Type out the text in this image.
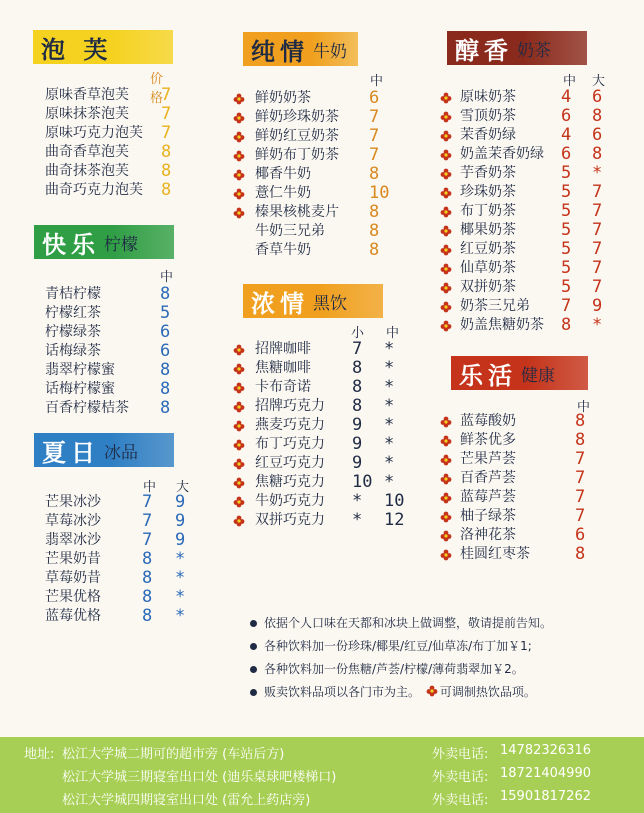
泡 芙
价格
原味香草泡芙 7
原味抹茶泡芙 7
原味巧克力泡芙 7
曲奇香草泡芙 8
曲奇抹茶泡芙 8
曲奇巧克力泡芙 8
快乐 柠檬
中
青桔柠檬	8
柠檬红茶	5
柠檬绿茶	6
话梅绿茶	6
翡翠柠檬蜜	8
话梅柠檬蜜	8
百香柠檬桔茶 8
夏日 冰品
中 大
芒果冰沙 7 9
草莓冰沙 7 9
翡翠冰沙 7 9
芒果奶昔 8 *
草莓奶昔 8 *
芒果优格 8 *
蓝莓优格 8 *
纯情 牛奶
中
鲜奶奶茶	6
鲜奶珍珠奶茶 7
鲜奶红豆奶茶 7
鲜奶布丁奶茶 7
椰香牛奶	8
薏仁牛奶	10
榛果核桃麦片 8
牛奶三兄弟	8
香草牛奶	8
浓情 黑饮
小 中
招牌咖啡 7 *
焦糖咖啡 8 *
卡布奇诺 8 *
招牌巧克力 8 *
燕麦巧克力 9 *
布丁巧克力 9 *
红豆巧克力 9 *
焦糖巧克力 10 *
牛奶巧克力 * 10
双拼巧克力 * 12
醇香 奶茶
中 大
原味奶茶	4 6
雪顶奶茶	6 8
茉香奶绿	4 6
奶盖茉香奶绿 6 8
芋香奶茶	5 *
珍珠奶茶	5 7
布丁奶茶	5 7
椰果奶茶	5 7
红豆奶茶	5 7
仙草奶茶	5 7
双拼奶茶	5 7
奶茶三兄弟 7 9
奶盖焦糖奶茶 8 *
乐活 健康
中
蓝莓酸奶	8
鲜茶优多	8
芒果芦荟	7
百香芦荟	7
蓝莓芦荟	7
柚子绿茶	7
洛神花茶	6
桂圆红枣茶	8
依据个人口味在天都和冰块上做调整，敬请提前告知。
各种饮料加一份珍珠/椰果/红豆/仙草冻/布丁加￥1;
各种饮料加一份焦糖/芦荟/柠檬/薄荷翡翠加￥2。
贩卖饮料品项以各门市为主。 可调制热饮品项。
地址: 松江大学城二期可的超市旁 (车站后方)
松江大学城三期寝室出口处 (迪乐桌球吧楼梯口)
松江大学城四期寝室出口处 (雷允上药店旁)
外卖电话: 14782326316
外卖电话: 18721404990
外卖电话: 15901817262
